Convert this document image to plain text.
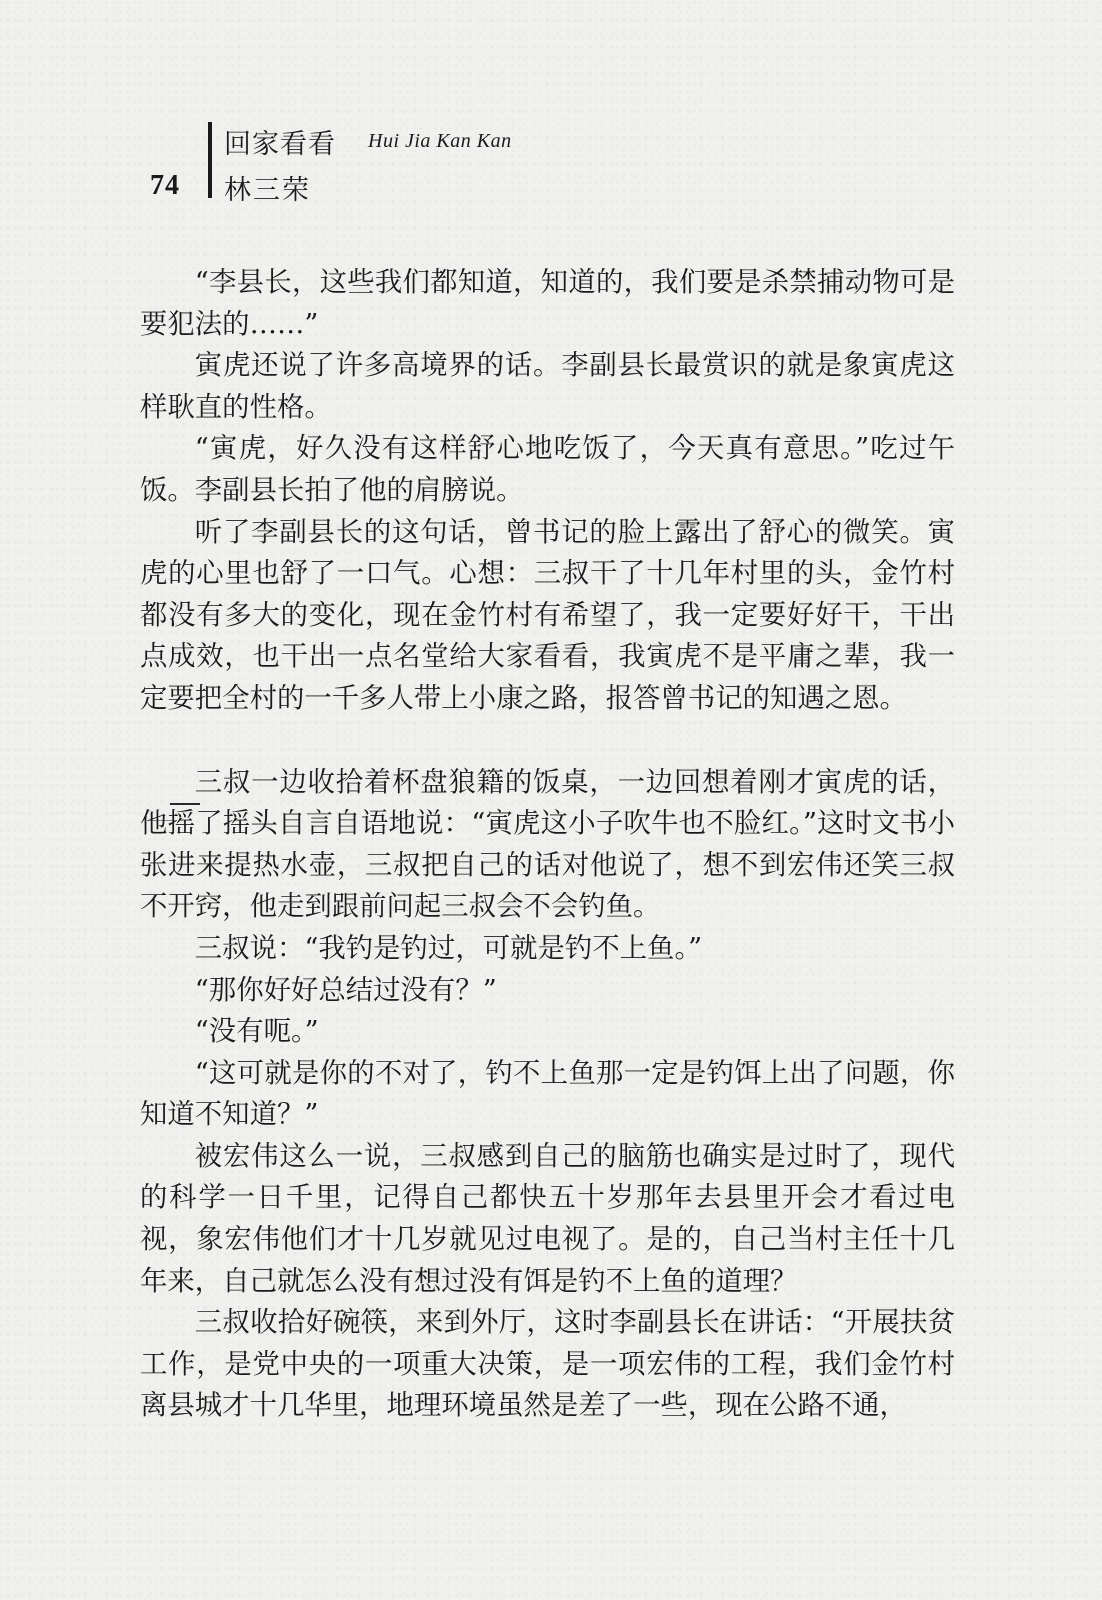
74
回家看看 Hui Jia Kan Kan
林三荣

“李县长，这些我们都知道，知道的，我们要是杀禁捕动物可是要犯法的……”

寅虎还说了许多高境界的话。李副县长最赏识的就是象寅虎这样耿直的性格。

“寅虎，好久没有这样舒心地吃饭了，今天真有意思。”吃过午饭。李副县长拍了他的肩膀说。

听了李副县长的这句话，曾书记的脸上露出了舒心的微笑。寅虎的心里也舒了一口气。心想：三叔干了十几年村里的头，金竹村都没有多大的变化，现在金竹村有希望了，我一定要好好干，干出点成效，也干出一点名堂给大家看看，我寅虎不是平庸之辈，我一定要把全村的一千多人带上小康之路，报答曾书记的知遇之恩。

三叔一边收拾着杯盘狼籍的饭桌，一边回想着刚才寅虎的话，他摇了摇头自言自语地说：“寅虎这小子吹牛也不脸红。”这时文书小张进来提热水壶，三叔把自己的话对他说了，想不到宏伟还笑三叔不开窍，他走到跟前问起三叔会不会钓鱼。

三叔说：“我钓是钓过，可就是钓不上鱼。”

“那你好好总结过没有？”

“没有呃。”

“这可就是你的不对了，钓不上鱼那一定是钓饵上出了问题，你知道不知道？”

被宏伟这么一说，三叔感到自己的脑筋也确实是过时了，现代的科学一日千里，记得自己都快五十岁那年去县里开会才看过电视，象宏伟他们才十几岁就见过电视了。是的，自己当村主任十几年来，自己就怎么没有想过没有饵是钓不上鱼的道理？

三叔收拾好碗筷，来到外厅，这时李副县长在讲话：“开展扶贫工作，是党中央的一项重大决策，是一项宏伟的工程，我们金竹村离县城才十几华里，地理环境虽然是差了一些，现在公路不通，
